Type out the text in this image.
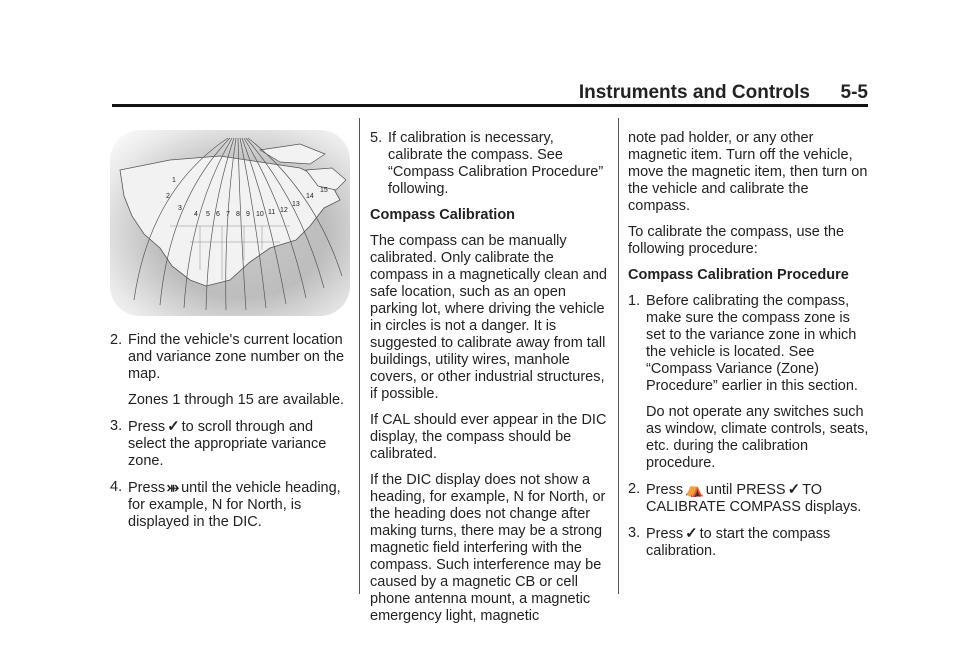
Instruments and Controls 5-5
1
2
3
4 5 6 7 8 9 10 11 12
13
14
15
2. Find the vehicle's current location and variance zone number on the map.

Zones 1 through 15 are available.

3. Press ✓ to scroll through and select the appropriate variance zone.

4. Press ⤕ until the vehicle heading, for example, N for North, is displayed in the DIC.

5. If calibration is necessary, calibrate the compass. See “Compass Calibration Procedure” following.

Compass Calibration

The compass can be manually calibrated. Only calibrate the compass in a magnetically clean and safe location, such as an open parking lot, where driving the vehicle in circles is not a danger. It is suggested to calibrate away from tall buildings, utility wires, manhole covers, or other industrial structures, if possible.

If CAL should ever appear in the DIC display, the compass should be calibrated.

If the DIC display does not show a heading, for example, N for North, or the heading does not change after making turns, there may be a strong magnetic field interfering with the compass. Such interference may be caused by a magnetic CB or cell phone antenna mount, a magnetic emergency light, magnetic

note pad holder, or any other magnetic item. Turn off the vehicle, move the magnetic item, then turn on the vehicle and calibrate the compass.

To calibrate the compass, use the following procedure:

Compass Calibration Procedure

1. Before calibrating the compass, make sure the compass zone is set to the variance zone in which the vehicle is located. See “Compass Variance (Zone) Procedure” earlier in this section.

Do not operate any switches such as window, climate controls, seats, etc. during the calibration procedure.

2. Press ⛺ until PRESS ✓ TO CALIBRATE COMPASS displays.

3. Press ✓ to start the compass calibration.
